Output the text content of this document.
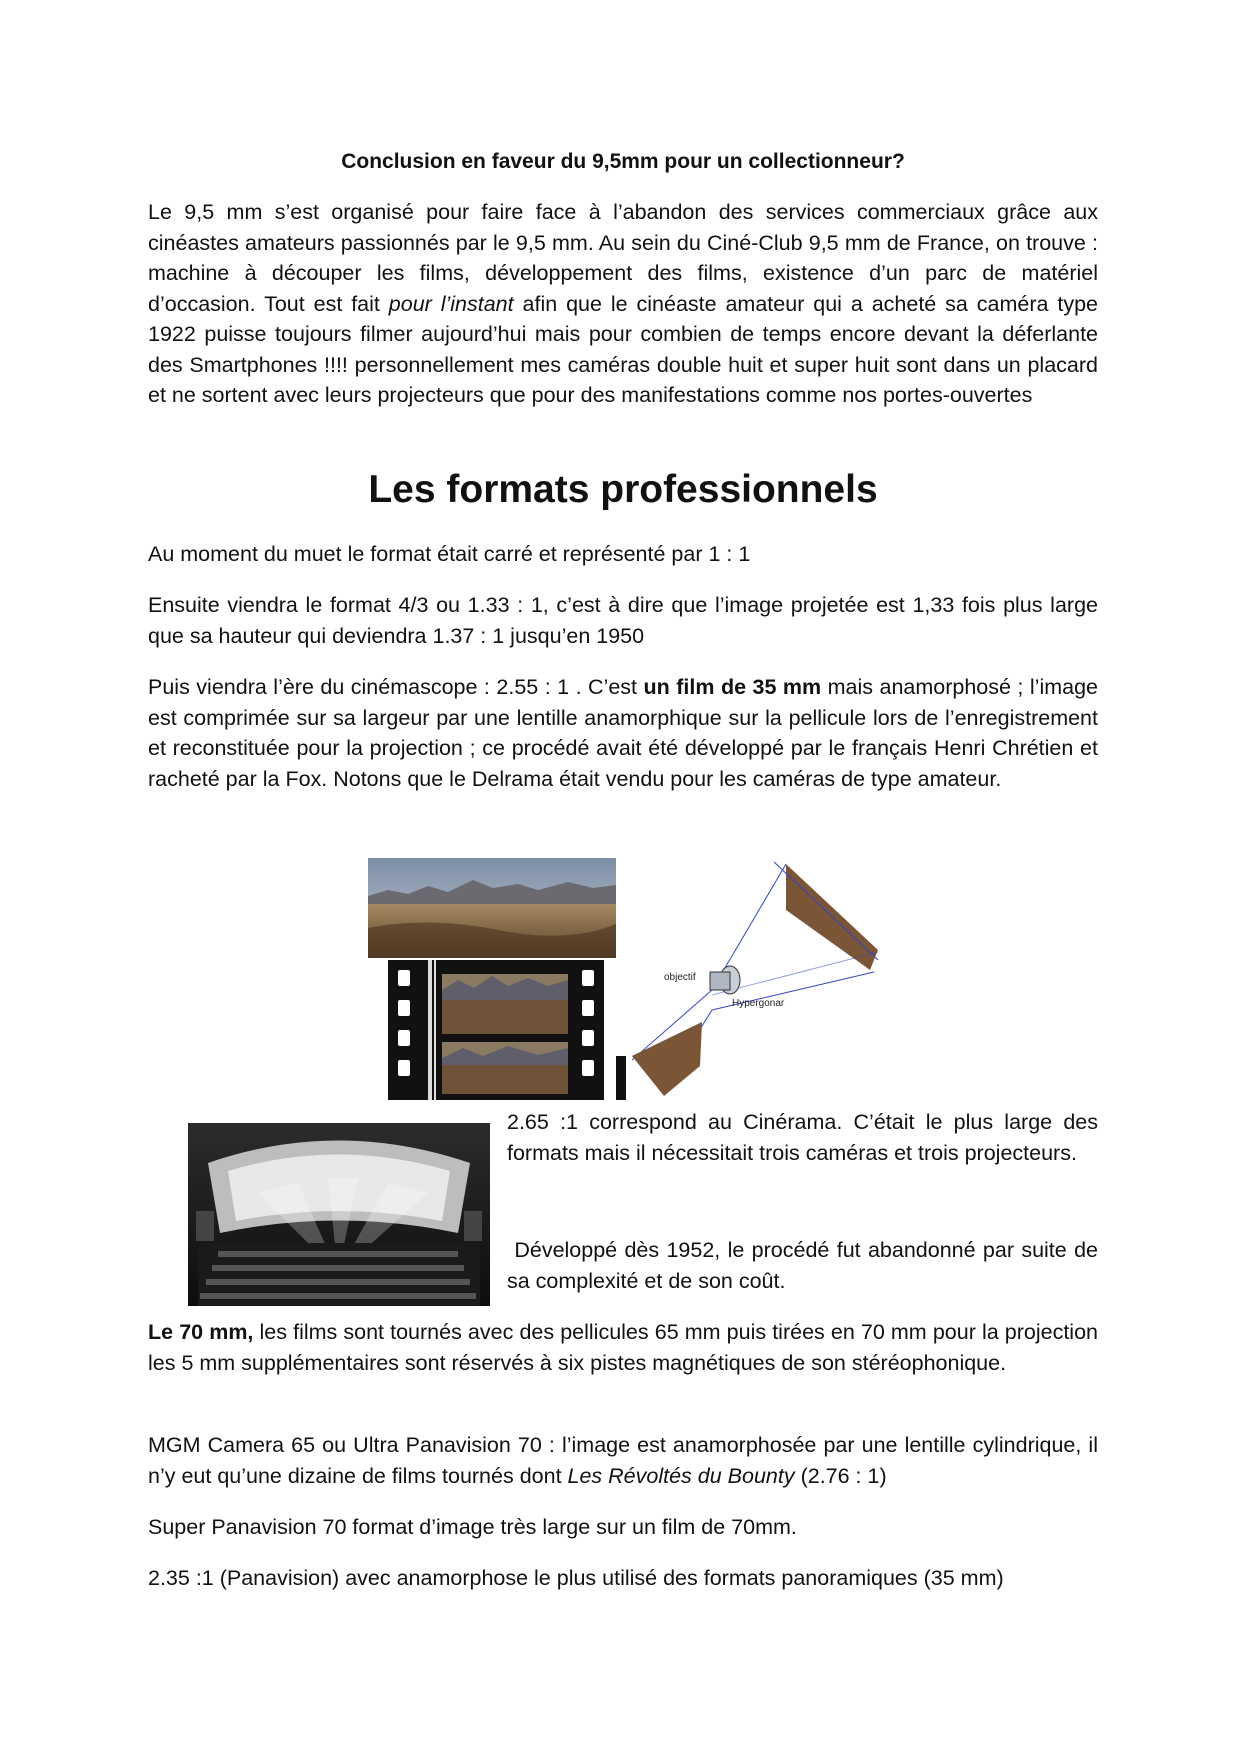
Conclusion en faveur du 9,5mm pour un collectionneur?

Le 9,5 mm s’est organisé pour faire face à l’abandon des services commerciaux grâce aux cinéastes amateurs passionnés par le 9,5 mm. Au sein du Ciné-Club 9,5 mm de France, on trouve : machine à découper les films, développement des films, existence d’un parc de matériel d’occasion. Tout est fait pour l’instant afin que le cinéaste amateur qui a acheté sa caméra type 1922 puisse toujours filmer aujourd’hui mais pour combien de temps encore devant la déferlante des Smartphones !!!! personnellement mes caméras double huit et super huit sont dans un placard et ne sortent avec leurs projecteurs que pour des manifestations comme nos portes-ouvertes

Les formats professionnels

Au moment du muet le format était carré et représenté par 1 : 1

Ensuite viendra le format 4/3 ou 1.33 : 1, c’est à dire que l’image projetée est 1,33 fois plus large que sa hauteur qui deviendra 1.37 : 1 jusqu’en 1950

Puis viendra l’ère du cinémascope : 2.55 : 1 . C’est un film de 35 mm mais anamorphosé ; l’image est comprimée sur sa largeur par une lentille anamorphique sur la pellicule lors de l’enregistrement et reconstituée pour la projection ; ce procédé avait été développé par le français Henri Chrétien et racheté par la Fox. Notons que le Delrama était vendu pour les caméras de type amateur.

objectif
Hypergonar

2.65 :1 correspond au Cinérama. C’était le plus large des formats mais il nécessitait trois caméras et trois projecteurs.

Développé dès 1952, le procédé fut abandonné par suite de sa complexité et de son coût.

Le 70 mm, les films sont tournés avec des pellicules 65 mm puis tirées en 70 mm pour la projection les 5 mm supplémentaires sont réservés à six pistes magnétiques de son stéréophonique.

MGM Camera 65 ou Ultra Panavision 70 : l’image est anamorphosée par une lentille cylindrique, il n’y eut qu’une dizaine de films tournés dont Les Révoltés du Bounty (2.76 : 1)

Super Panavision 70 format d’image très large sur un film de 70mm.

2.35 :1 (Panavision) avec anamorphose le plus utilisé des formats panoramiques (35 mm)
